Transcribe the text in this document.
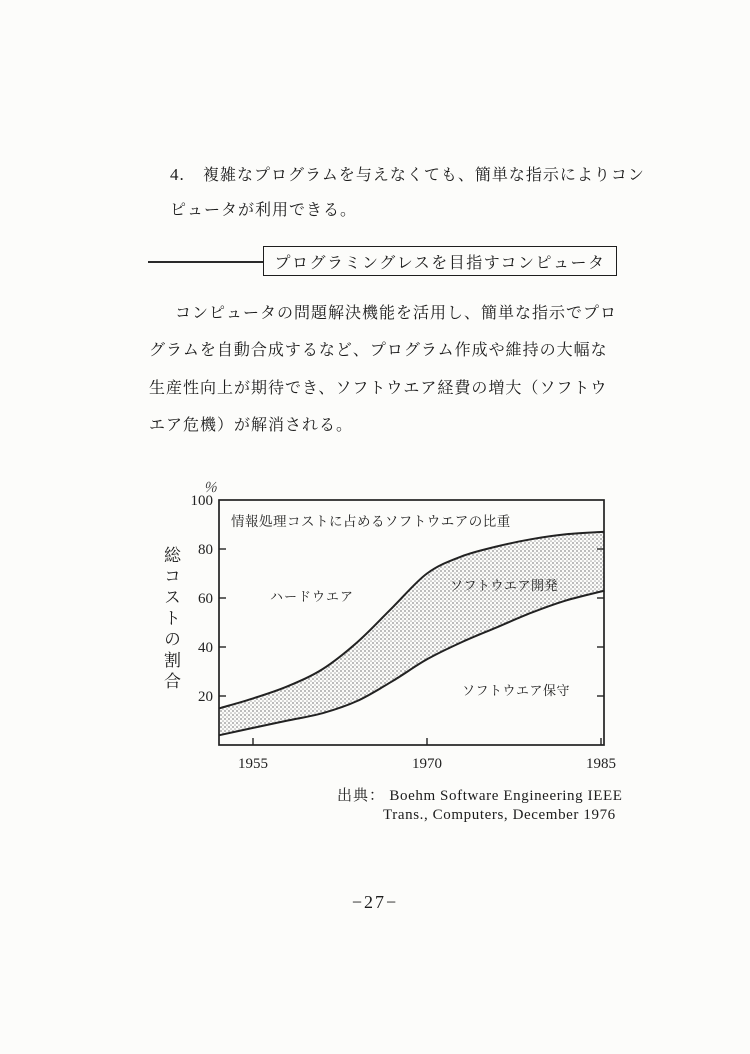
4. 複雑なプログラムを与えなくても、簡単な指示によりコン
ピュータが利用できる。
プログラミングレスを目指すコンピュータ
コンピュータの問題解決機能を活用し、簡単な指示でプロ
グラムを自動合成するなど、プログラム作成や維持の大幅な
生産性向上が期待でき、ソフトウエア経費の増大（ソフトウ
エア危機）が解消される。
総コストの割合
100
80
60
40
20
％
1955	1970	1985
情報処理コストに占めるソフトウエアの比重
ハードウエア
ソフトウエア開発
ソフトウエア保守
出典： Boehm Software Engineering IEEE
Trans., Computers, December 1976
−27−
